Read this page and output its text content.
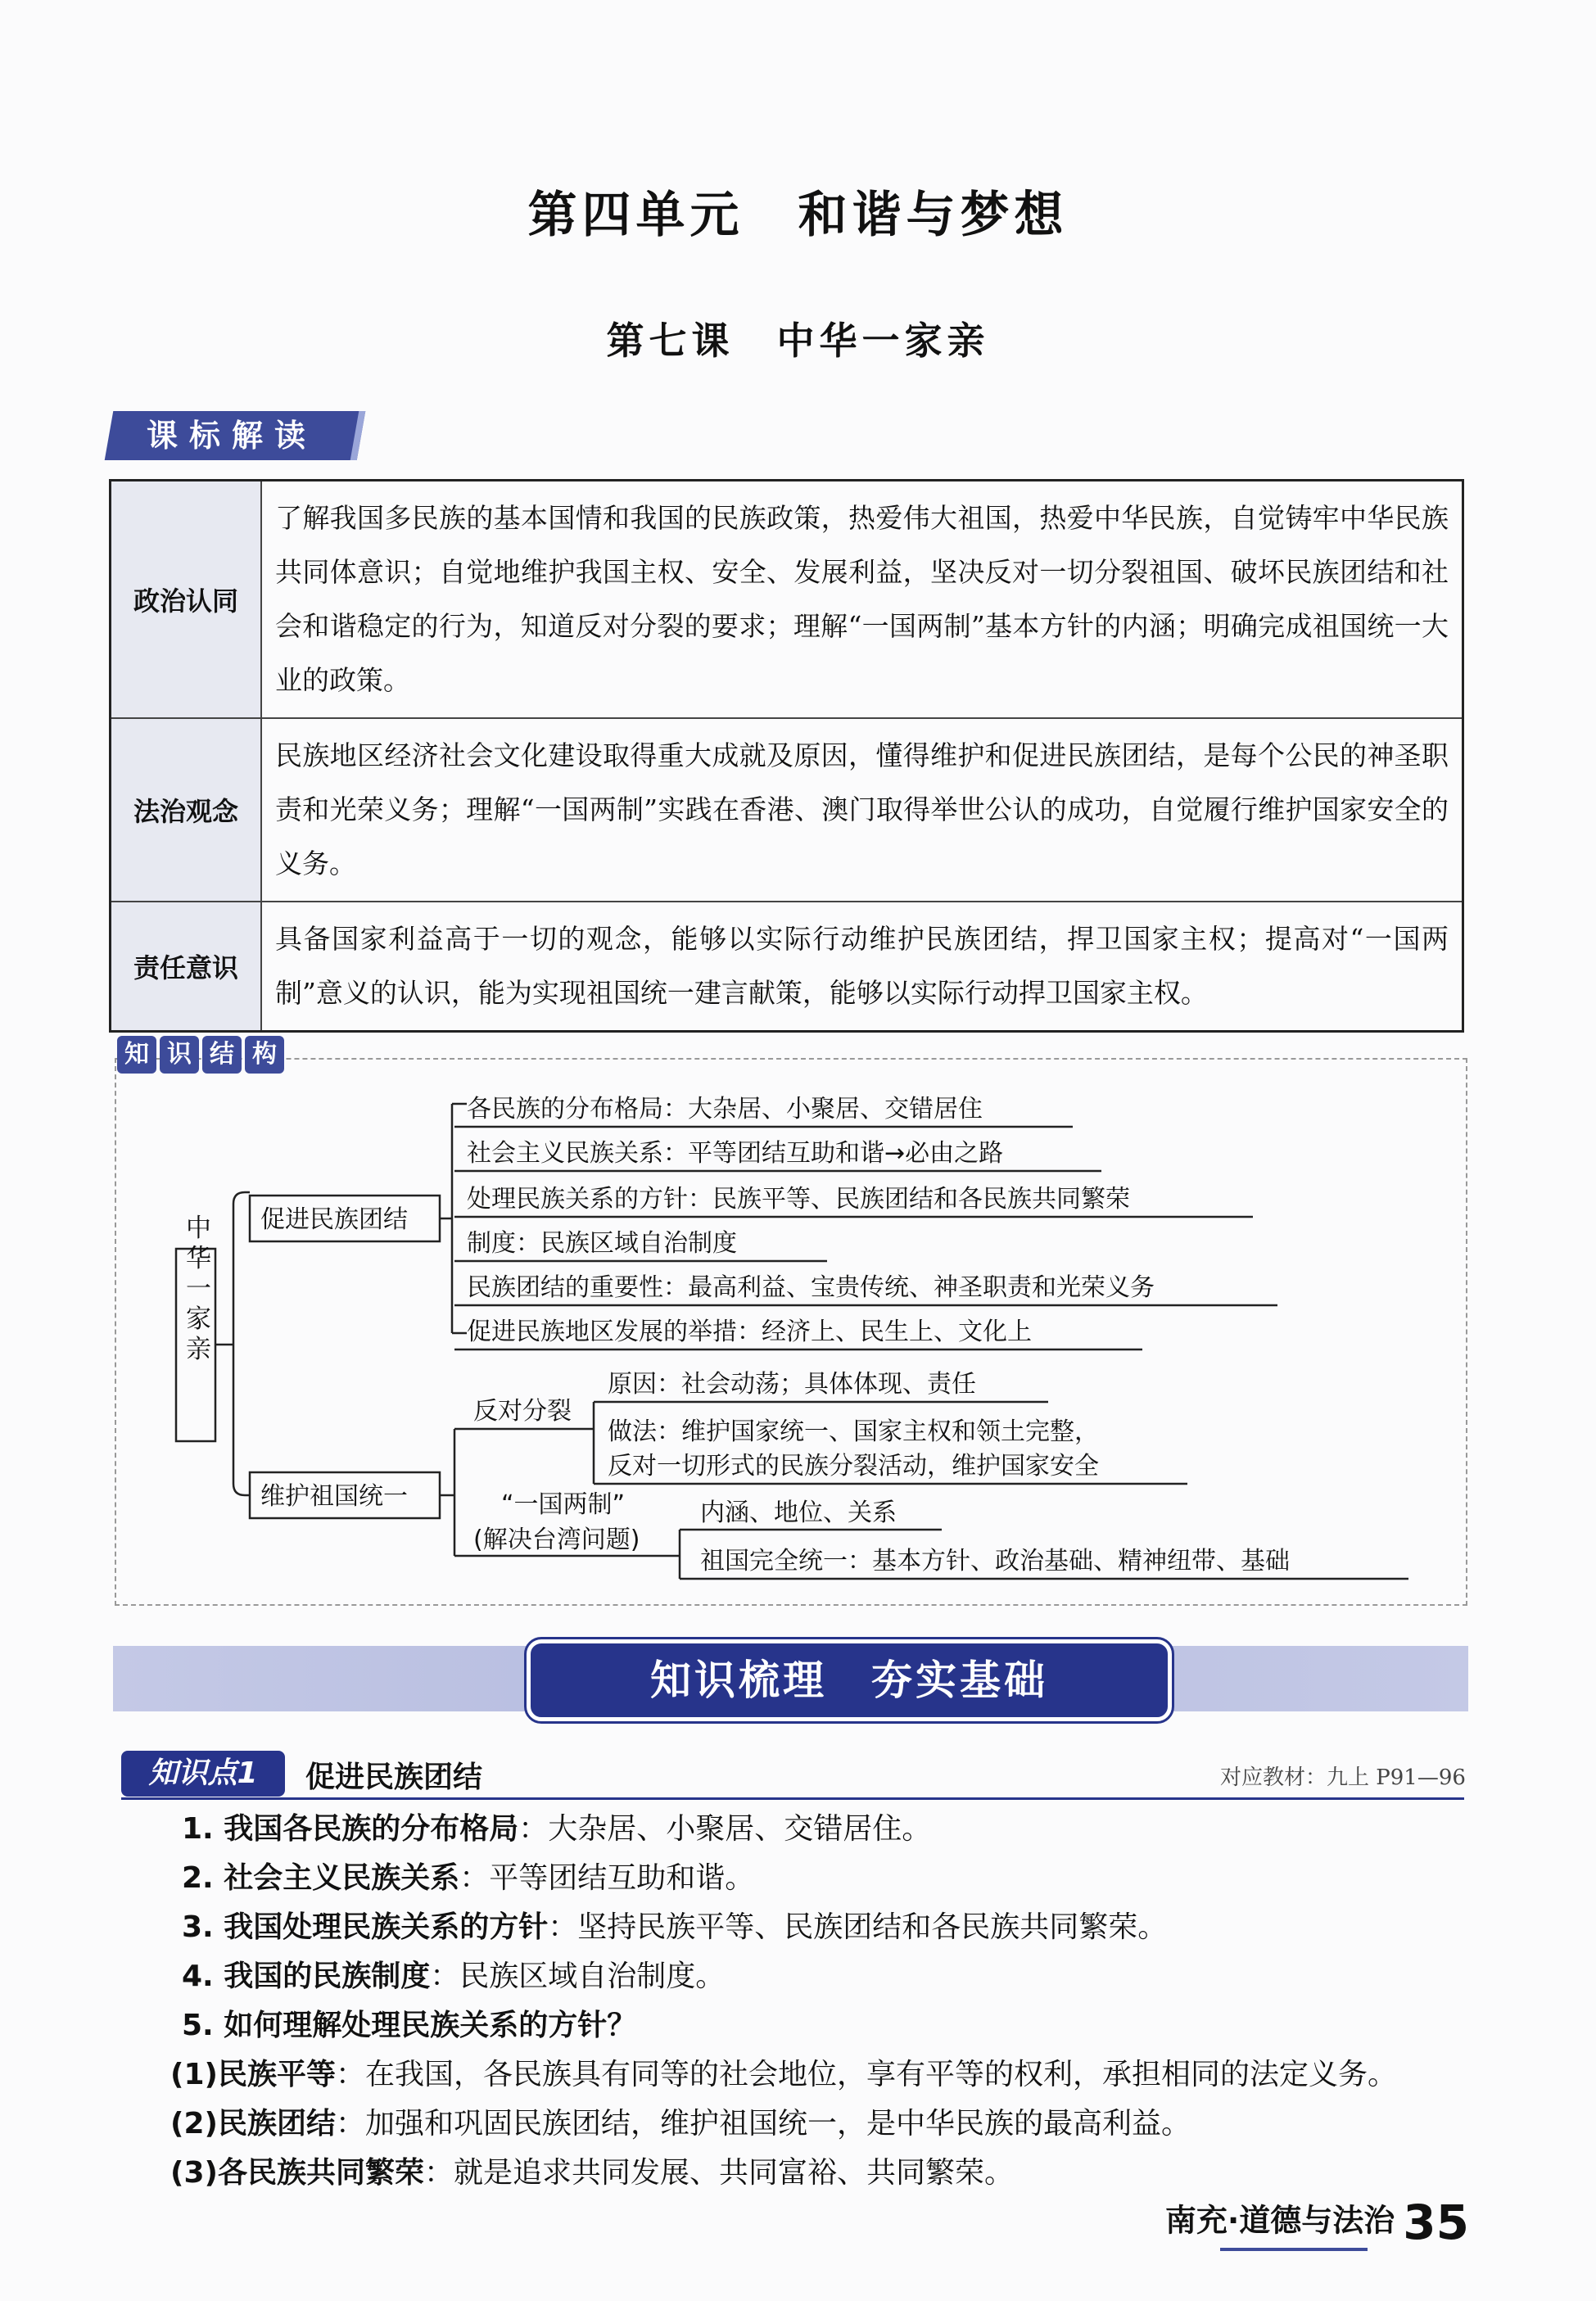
第四单元　和谐与梦想
第七课　中华一家亲
课标解读
政治认同	了解我国多民族的基本国情和我国的民族政策，热爱伟大祖国，热爱中华民族，自觉铸牢中华民族共同体意识；自觉地维护我国主权、安全、发展利益，坚决反对一切分裂祖国、破坏民族团结和社会和谐稳定的行为，知道反对分裂的要求；理解“一国两制”基本方针的内涵；明确完成祖国统一大业的政策。
法治观念	民族地区经济社会文化建设取得重大成就及原因，懂得维护和促进民族团结，是每个公民的神圣职责和光荣义务；理解“一国两制”实践在香港、澳门取得举世公认的成功，自觉履行维护国家安全的义务。
责任意识	具备国家利益高于一切的观念，能够以实际行动维护民族团结，捍卫国家主权；提高对“一国两制”意义的认识，能为实现祖国统一建言献策，能够以实际行动捍卫国家主权。
知 识 结 构
中华一家亲 促进民族团结
维护祖国统一
各民族的分布格局：大杂居、小聚居、交错居住
社会主义民族关系：平等团结互助和谐→必由之路
处理民族关系的方针：民族平等、民族团结和各民族共同繁荣
制度：民族区域自治制度
民族团结的重要性：最高利益、宝贵传统、神圣职责和光荣义务
促进民族地区发展的举措：经济上、民生上、文化上
反对分裂
原因：社会动荡；具体体现、责任
做法：维护国家统一、国家主权和领土完整，
反对一切形式的民族分裂活动，维护国家安全
“一国两制”
(解决台湾问题)
内涵、地位、关系
祖国完全统一：基本方针、政治基础、精神纽带、基础
知识梳理　夯实基础
知识点1	促进民族团结	对应教材：九上 P91—96
1. 我国各民族的分布格局：大杂居、小聚居、交错居住。
2. 社会主义民族关系：平等团结互助和谐。
3. 我国处理民族关系的方针：坚持民族平等、民族团结和各民族共同繁荣。
4. 我国的民族制度：民族区域自治制度。
5. 如何理解处理民族关系的方针？
(1)民族平等：在我国，各民族具有同等的社会地位，享有平等的权利，承担相同的法定义务。
(2)民族团结：加强和巩固民族团结，维护祖国统一，是中华民族的最高利益。
(3)各民族共同繁荣：就是追求共同发展、共同富裕、共同繁荣。
南充·道德与法治 35
